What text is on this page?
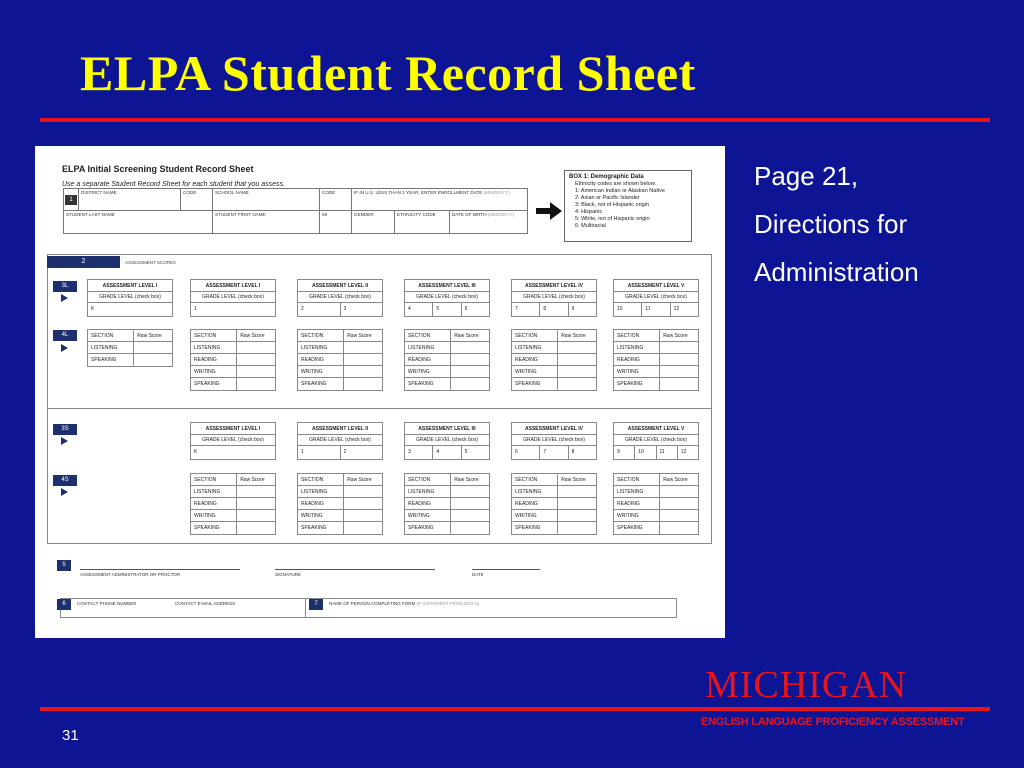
ELPA Student Record Sheet
ELPA Initial Screening Student Record Sheet
Use a separate Student Record Sheet for each student that you assess.
1
DISTRICT NAME	CODE	SCHOOL NAME	CODE	IF IN U.S. LESS THAN 1 YEAR, ENTER ENROLLMENT DATE (MM/DD/YY)
STUDENT LAST NAME	STUDENT FIRST NAME	MI	GENDER	ETHNICITY CODE	DATE OF BIRTH (MM/DD/YY)
BOX 1: Demographic Data
Ethnicity codes are shown below.
1: American Indian or Alaskan Native
2: Asian or Pacific Islander
3: Black, not of Hispanic origin
4: Hispanic
5: White, not of Hispanic origin
6: Multiracial
2	ASSESSMENT SCORES
3L
4L
3S
4S
ASSESSMENT LEVEL I
GRADE LEVEL (check box)
K
SECTION	Raw Score
LISTENING
SPEAKING
ASSESSMENT LEVEL I
GRADE LEVEL (check box)
1
SECTION	Raw Score
LISTENING
READING
WRITING
SPEAKING
ASSESSMENT LEVEL II
GRADE LEVEL (check box)
2	3
SECTION	Raw Score
LISTENING
READING
WRITING
SPEAKING
ASSESSMENT LEVEL III
GRADE LEVEL (check box)
4	5	6
SECTION	Raw Score
LISTENING
READING
WRITING
SPEAKING
ASSESSMENT LEVEL IV
GRADE LEVEL (check box)
7	8	9
SECTION	Raw Score
LISTENING
READING
WRITING
SPEAKING
ASSESSMENT LEVEL V
GRADE LEVEL (check box)
10	11	12
SECTION	Raw Score
LISTENING
READING
WRITING
SPEAKING
ASSESSMENT LEVEL I
GRADE LEVEL (check box)
K
SECTION	Raw Score
LISTENING
READING
WRITING
SPEAKING
ASSESSMENT LEVEL II
GRADE LEVEL (check box)
1	2
SECTION	Raw Score
LISTENING
READING
WRITING
SPEAKING
ASSESSMENT LEVEL III
GRADE LEVEL (check box)
3	4	5
SECTION	Raw Score
LISTENING
READING
WRITING
SPEAKING
ASSESSMENT LEVEL IV
GRADE LEVEL (check box)
6	7	8
SECTION	Raw Score
LISTENING
READING
WRITING
SPEAKING
ASSESSMENT LEVEL V
GRADE LEVEL (check box)
9	10	11	12
SECTION	Raw Score
LISTENING
READING
WRITING
SPEAKING
5
ASSESSMENT ADMINISTRATOR OR PROCTOR	SIGNATURE	DATE
6	CONTACT PHONE NUMBER	CONTACT E-MAIL ADDRESS	7	NAME OF PERSON COMPLETING FORM (IF DIFFERENT FROM BOX 5)
Page 21,
Directions for
Administration
MICHIGAN
ENGLISH LANGUAGE PROFICIENCY ASSESSMENT
31
